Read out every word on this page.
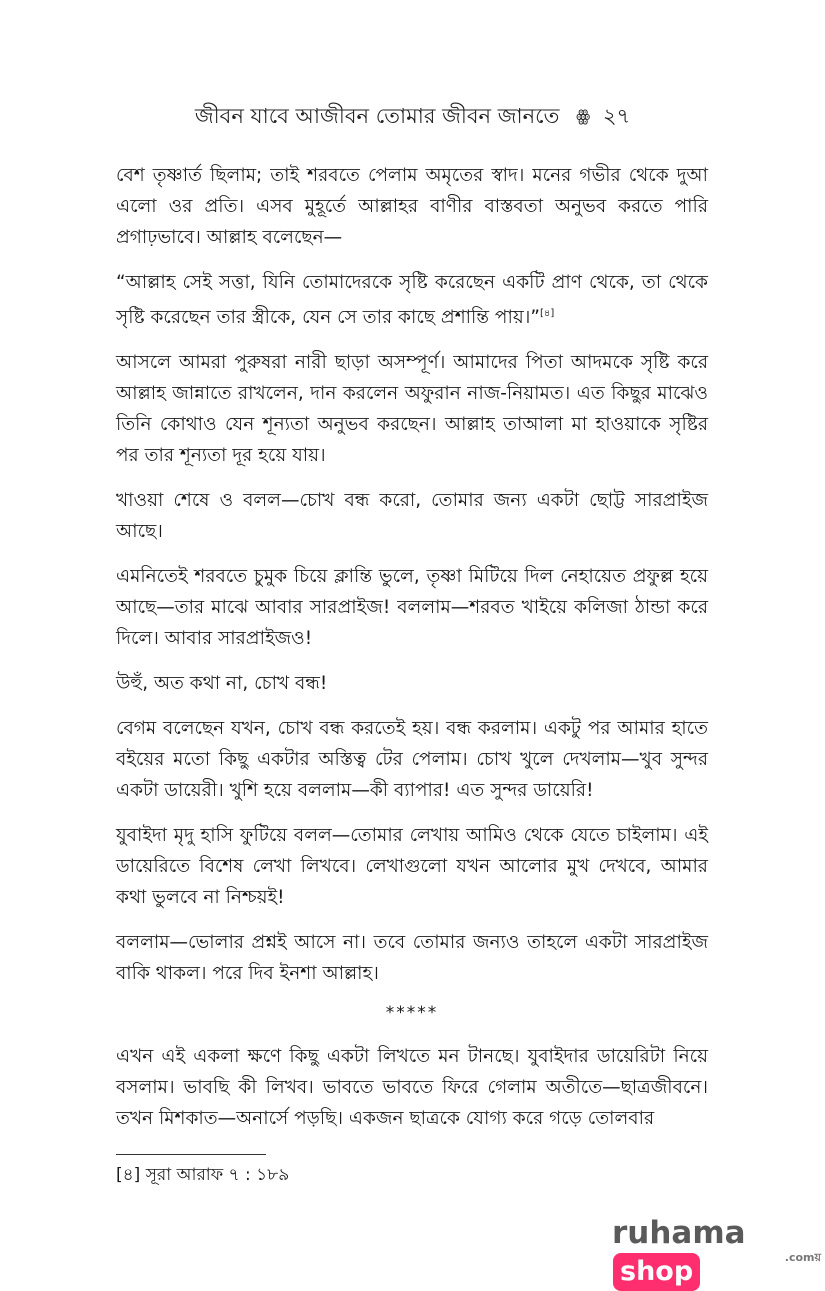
জীবন যাবে আজীবন তোমার জীবন জানতে ꙮ ২৭

বেশ তৃষ্ণার্ত ছিলাম; তাই শরবতে পেলাম অমৃতের স্বাদ। মনের গভীর থেকে দুআ এলো ওর প্রতি। এসব মুহূর্তে আল্লাহর বাণীর বাস্তবতা অনুভব করতে পারি প্রগাঢ়ভাবে। আল্লাহ বলেছেন—

“আল্লাহ সেই সত্তা, যিনি তোমাদেরকে সৃষ্টি করেছেন একটি প্রাণ থেকে, তা থেকে সৃষ্টি করেছেন তার স্ত্রীকে, যেন সে তার কাছে প্রশান্তি পায়।”[৪]

আসলে আমরা পুরুষরা নারী ছাড়া অসম্পূর্ণ। আমাদের পিতা আদমকে সৃষ্টি করে আল্লাহ জান্নাতে রাখলেন, দান করলেন অফুরান নাজ-নিয়ামত। এত কিছুর মাঝেও তিনি কোথাও যেন শূন্যতা অনুভব করছেন। আল্লাহ তাআলা মা হাওয়াকে সৃষ্টির পর তার শূন্যতা দূর হয়ে যায়।

খাওয়া শেষে ও বলল—চোখ বন্ধ করো, তোমার জন্য একটা ছোট্ট সারপ্রাইজ আছে।

এমনিতেই শরবতে চুমুক চিয়ে ক্লান্তি ভুলে, তৃষ্ণা মিটিয়ে দিল নেহায়েত প্রফুল্ল হয়ে আছে—তার মাঝে আবার সারপ্রাইজ! বললাম—শরবত খাইয়ে কলিজা ঠান্ডা করে দিলে। আবার সারপ্রাইজও!

উহুঁ, অত কথা না, চোখ বন্ধ!

বেগম বলেছেন যখন, চোখ বন্ধ করতেই হয়। বন্ধ করলাম। একটু পর আমার হাতে বইয়ের মতো কিছু একটার অস্তিত্ব টের পেলাম। চোখ খুলে দেখলাম—খুব সুন্দর একটা ডায়েরী। খুশি হয়ে বললাম—কী ব্যাপার! এত সুন্দর ডায়েরি!

যুবাইদা মৃদু হাসি ফুটিয়ে বলল—তোমার লেখায় আমিও থেকে যেতে চাইলাম। এই ডায়েরিতে বিশেষ লেখা লিখবে। লেখাগুলো যখন আলোর মুখ দেখবে, আমার কথা ভুলবে না নিশ্চয়ই!

বললাম—ভোলার প্রশ্নই আসে না। তবে তোমার জন্যও তাহলে একটা সারপ্রাইজ বাকি থাকল। পরে দিব ইনশা আল্লাহ।

*****

এখন এই একলা ক্ষণে কিছু একটা লিখতে মন টানছে। যুবাইদার ডায়েরিটা নিয়ে বসলাম। ভাবছি কী লিখব। ভাবতে ভাবতে ফিরে গেলাম অতীতে—ছাত্রজীবনে। তখন মিশকাত—অনার্সে পড়ছি। একজন ছাত্রকে যোগ্য করে গড়ে তোলবার

[৪] সূরা আরাফ ৭ : ১৮৯
ruhamashop	.comয়
